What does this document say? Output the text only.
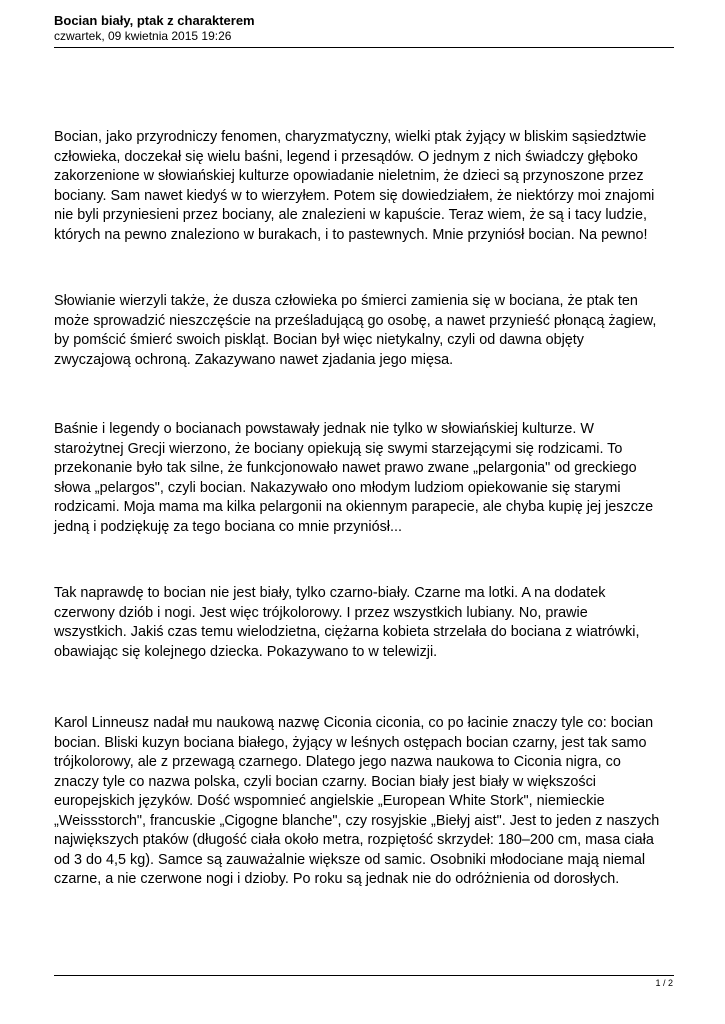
Bocian biały, ptak z charakterem

czwartek, 09 kwietnia 2015 19:26

Bocian, jako przyrodniczy fenomen, charyzmatyczny, wielki ptak żyjący w bliskim sąsiedztwie
człowieka, doczekał się wielu baśni, legend i przesądów. O jednym z nich świadczy głęboko
zakorzenione w słowiańskiej kulturze opowiadanie nieletnim, że dzieci są przynoszone przez
bociany. Sam nawet kiedyś w to wierzyłem. Potem się dowiedziałem, że niektórzy moi znajomi
nie byli przyniesieni przez bociany, ale znalezieni w kapuście. Teraz wiem, że są i tacy ludzie,
których na pewno znaleziono w burakach, i to pastewnych. Mnie przyniósł bocian. Na pewno!

Słowianie wierzyli także, że dusza człowieka po śmierci zamienia się w bociana, że ptak ten
może sprowadzić nieszczęście na prześladującą go osobę, a nawet przynieść płonącą żagiew,
by pomścić śmierć swoich piskląt. Bocian był więc nietykalny, czyli od dawna objęty
zwyczajową ochroną. Zakazywano nawet zjadania jego mięsa.

Baśnie i legendy o bocianach powstawały jednak nie tylko w słowiańskiej kulturze. W
starożytnej Grecji wierzono, że bociany opiekują się swymi starzejącymi się rodzicami. To
przekonanie było tak silne, że funkcjonowało nawet prawo zwane „pelargonia" od greckiego
słowa „pelargos", czyli bocian. Nakazywało ono młodym ludziom opiekowanie się starymi
rodzicami. Moja mama ma kilka pelargonii na okiennym parapecie, ale chyba kupię jej jeszcze
jedną i podziękuję za tego bociana co mnie przyniósł...

Tak naprawdę to bocian nie jest biały, tylko czarno-biały. Czarne ma lotki. A na dodatek
czerwony dziób i nogi. Jest więc trójkolorowy. I przez wszystkich lubiany. No, prawie
wszystkich. Jakiś czas temu wielodzietna, ciężarna kobieta strzelała do bociana z wiatrówki,
obawiając się kolejnego dziecka. Pokazywano to w telewizji.

Karol Linneusz nadał mu naukową nazwę Ciconia ciconia, co po łacinie znaczy tyle co: bocian
bocian. Bliski kuzyn bociana białego, żyjący w leśnych ostępach bocian czarny, jest tak samo
trójkolorowy, ale z przewagą czarnego. Dlatego jego nazwa naukowa to Ciconia nigra, co
znaczy tyle co nazwa polska, czyli bocian czarny. Bocian biały jest biały w większości
europejskich języków. Dość wspomnieć angielskie „European White Stork", niemieckie
„Weissstorch", francuskie „Cigogne blanche", czy rosyjskie „Biełyj aist". Jest to jeden z naszych
największych ptaków (długość ciała około metra, rozpiętość skrzydeł: 180–200 cm, masa ciała
od 3 do 4,5 kg). Samce są zauważalnie większe od samic. Osobniki młodociane mają niemal
czarne, a nie czerwone nogi i dzioby. Po roku są jednak nie do odróżnienia od dorosłych.

1 / 2
